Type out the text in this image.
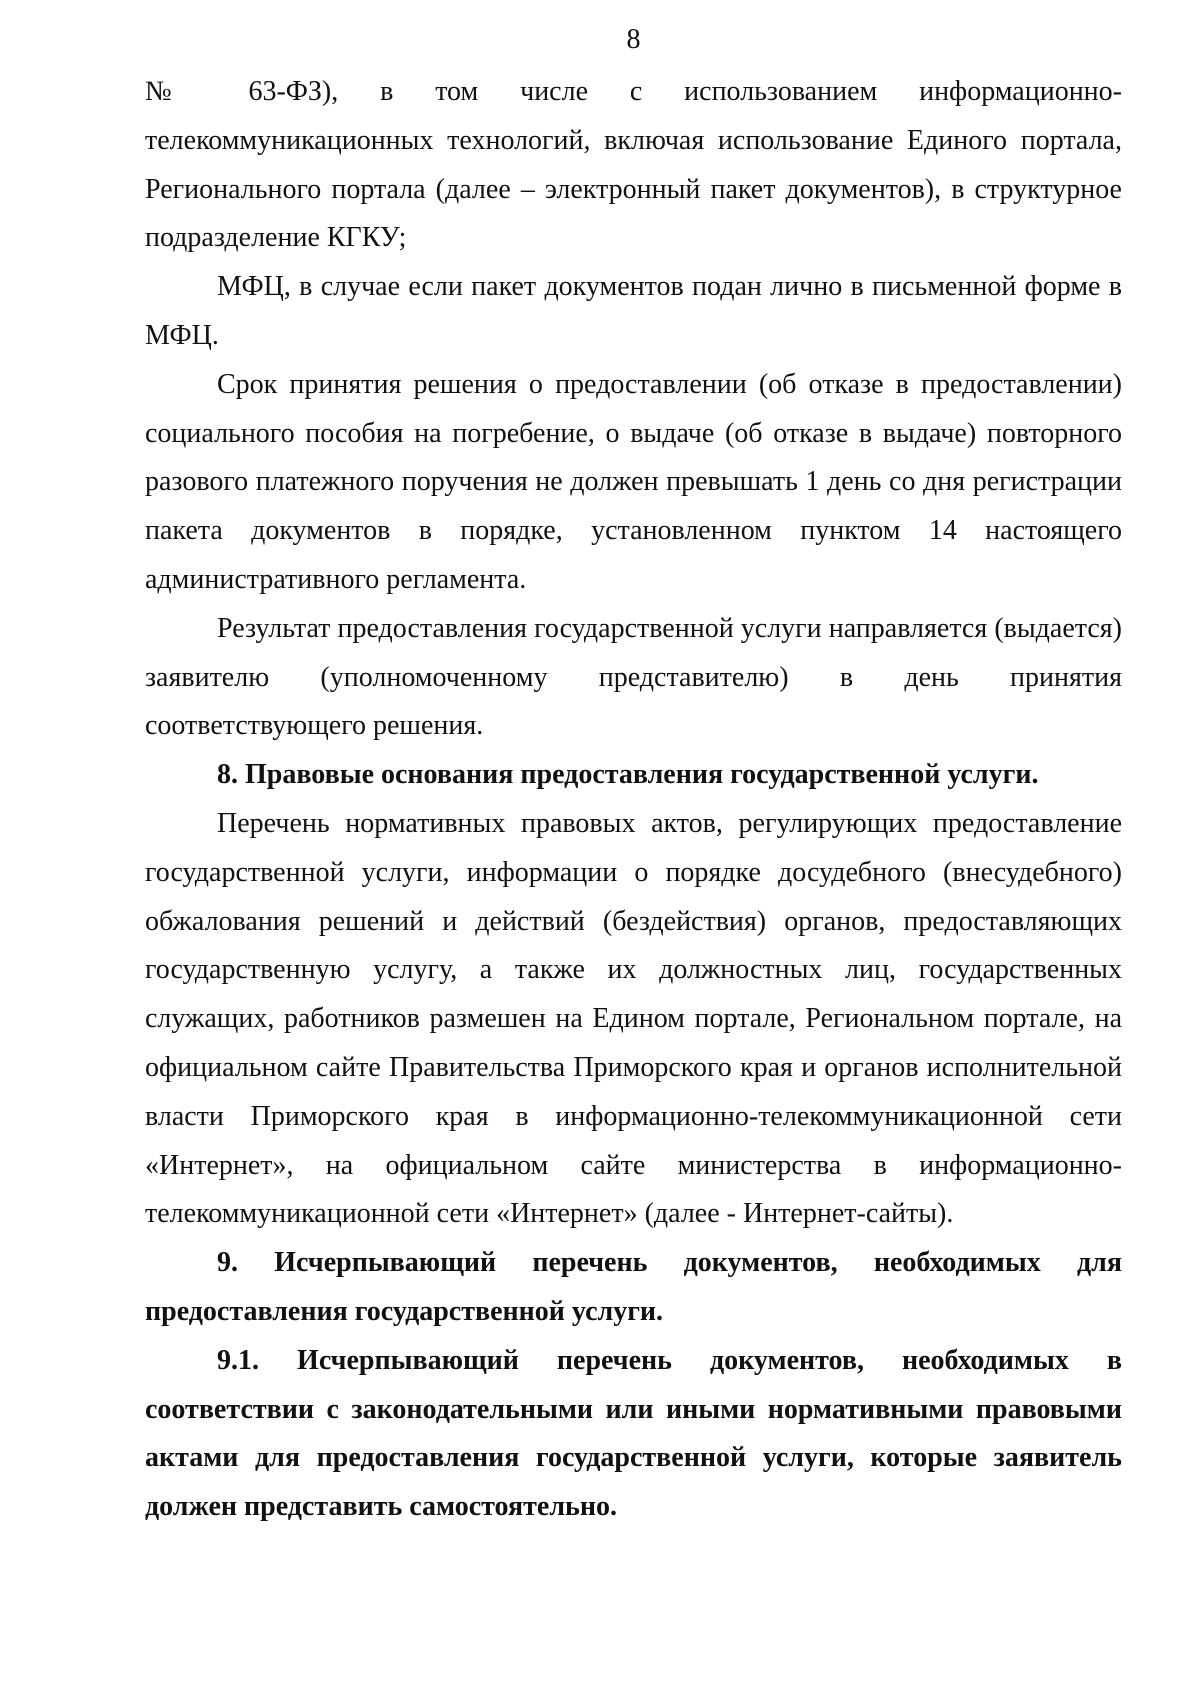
8

№ 63-ФЗ), в том числе с использованием информационно-телекоммуникационных технологий, включая использование Единого портала, Регионального портала (далее – электронный пакет документов), в структурное подразделение КГКУ;

МФЦ, в случае если пакет документов подан лично в письменной форме в МФЦ.

Срок принятия решения о предоставлении (об отказе в предоставлении) социального пособия на погребение, о выдаче (об отказе в выдаче) повторного разового платежного поручения не должен превышать 1 день со дня регистрации пакета документов в порядке, установленном пунктом 14 настоящего административного регламента.

Результат предоставления государственной услуги направляется (выдается) заявителю (уполномоченному представителю) в день принятия соответствующего решения.

8. Правовые основания предоставления государственной услуги.

Перечень нормативных правовых актов, регулирующих предоставление государственной услуги, информации о порядке досудебного (внесудебного) обжалования решений и действий (бездействия) органов, предоставляющих государственную услугу, а также их должностных лиц, государственных служащих, работников размешен на Едином портале, Региональном портале, на официальном сайте Правительства Приморского края и органов исполнительной власти Приморского края в информационно-телекоммуникационной сети «Интернет», на официальном сайте министерства в информационно-телекоммуникационной сети «Интернет» (далее - Интернет-сайты).

9. Исчерпывающий перечень документов, необходимых для предоставления государственной услуги.

9.1. Исчерпывающий перечень документов, необходимых в соответствии с законодательными или иными нормативными правовыми актами для предоставления государственной услуги, которые заявитель должен представить самостоятельно.
